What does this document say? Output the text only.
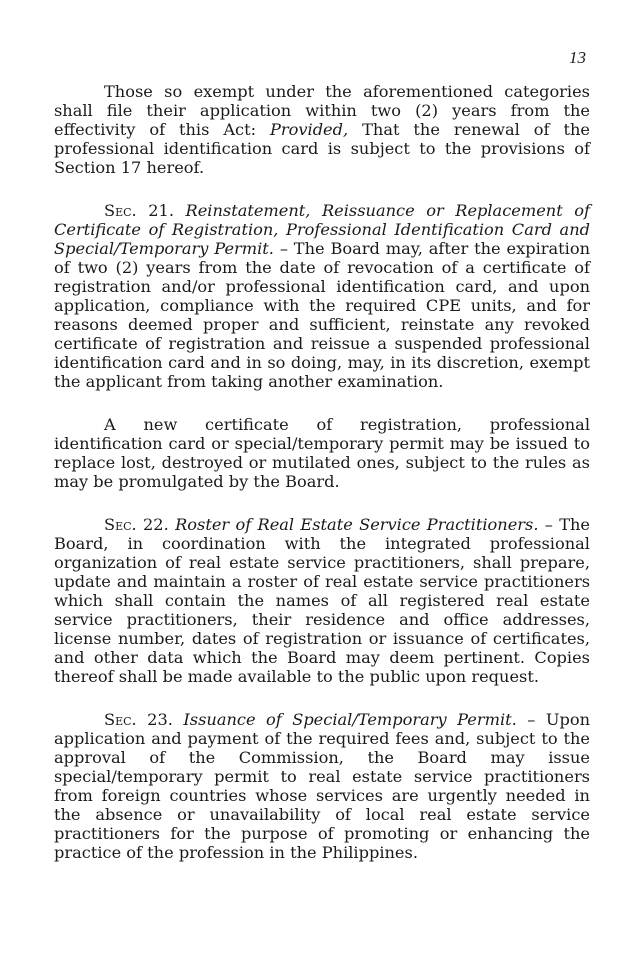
13

Those so exempt under the aforementioned categories shall file their application within two (2) years from the effectivity of this Act: Provided, That the renewal of the professional identification card is subject to the provisions of Section 17 hereof.

Sec. 21. Reinstatement, Reissuance or Replacement of Certificate of Registration, Professional Identification Card and Special/Temporary Permit. – The Board may, after the expiration of two (2) years from the date of revocation of a certificate of registration and/or professional identification card, and upon application, compliance with the required CPE units, and for reasons deemed proper and sufficient, reinstate any revoked certificate of registration and reissue a suspended professional identification card and in so doing, may, in its discretion, exempt the applicant from taking another examination.

A new certificate of registration, professional identification card or special/temporary permit may be issued to replace lost, destroyed or mutilated ones, subject to the rules as may be promulgated by the Board.

Sec. 22. Roster of Real Estate Service Practitioners. – The Board, in coordination with the integrated professional organization of real estate service practitioners, shall prepare, update and maintain a roster of real estate service practitioners which shall contain the names of all registered real estate service practitioners, their residence and office addresses, license number, dates of registration or issuance of certificates, and other data which the Board may deem pertinent. Copies thereof shall be made available to the public upon request.

Sec. 23. Issuance of Special/Temporary Permit. – Upon application and payment of the required fees and, subject to the approval of the Commission, the Board may issue special/temporary permit to real estate service practitioners from foreign countries whose services are urgently needed in the absence or unavailability of local real estate service practitioners for the purpose of promoting or enhancing the practice of the profession in the Philippines.
